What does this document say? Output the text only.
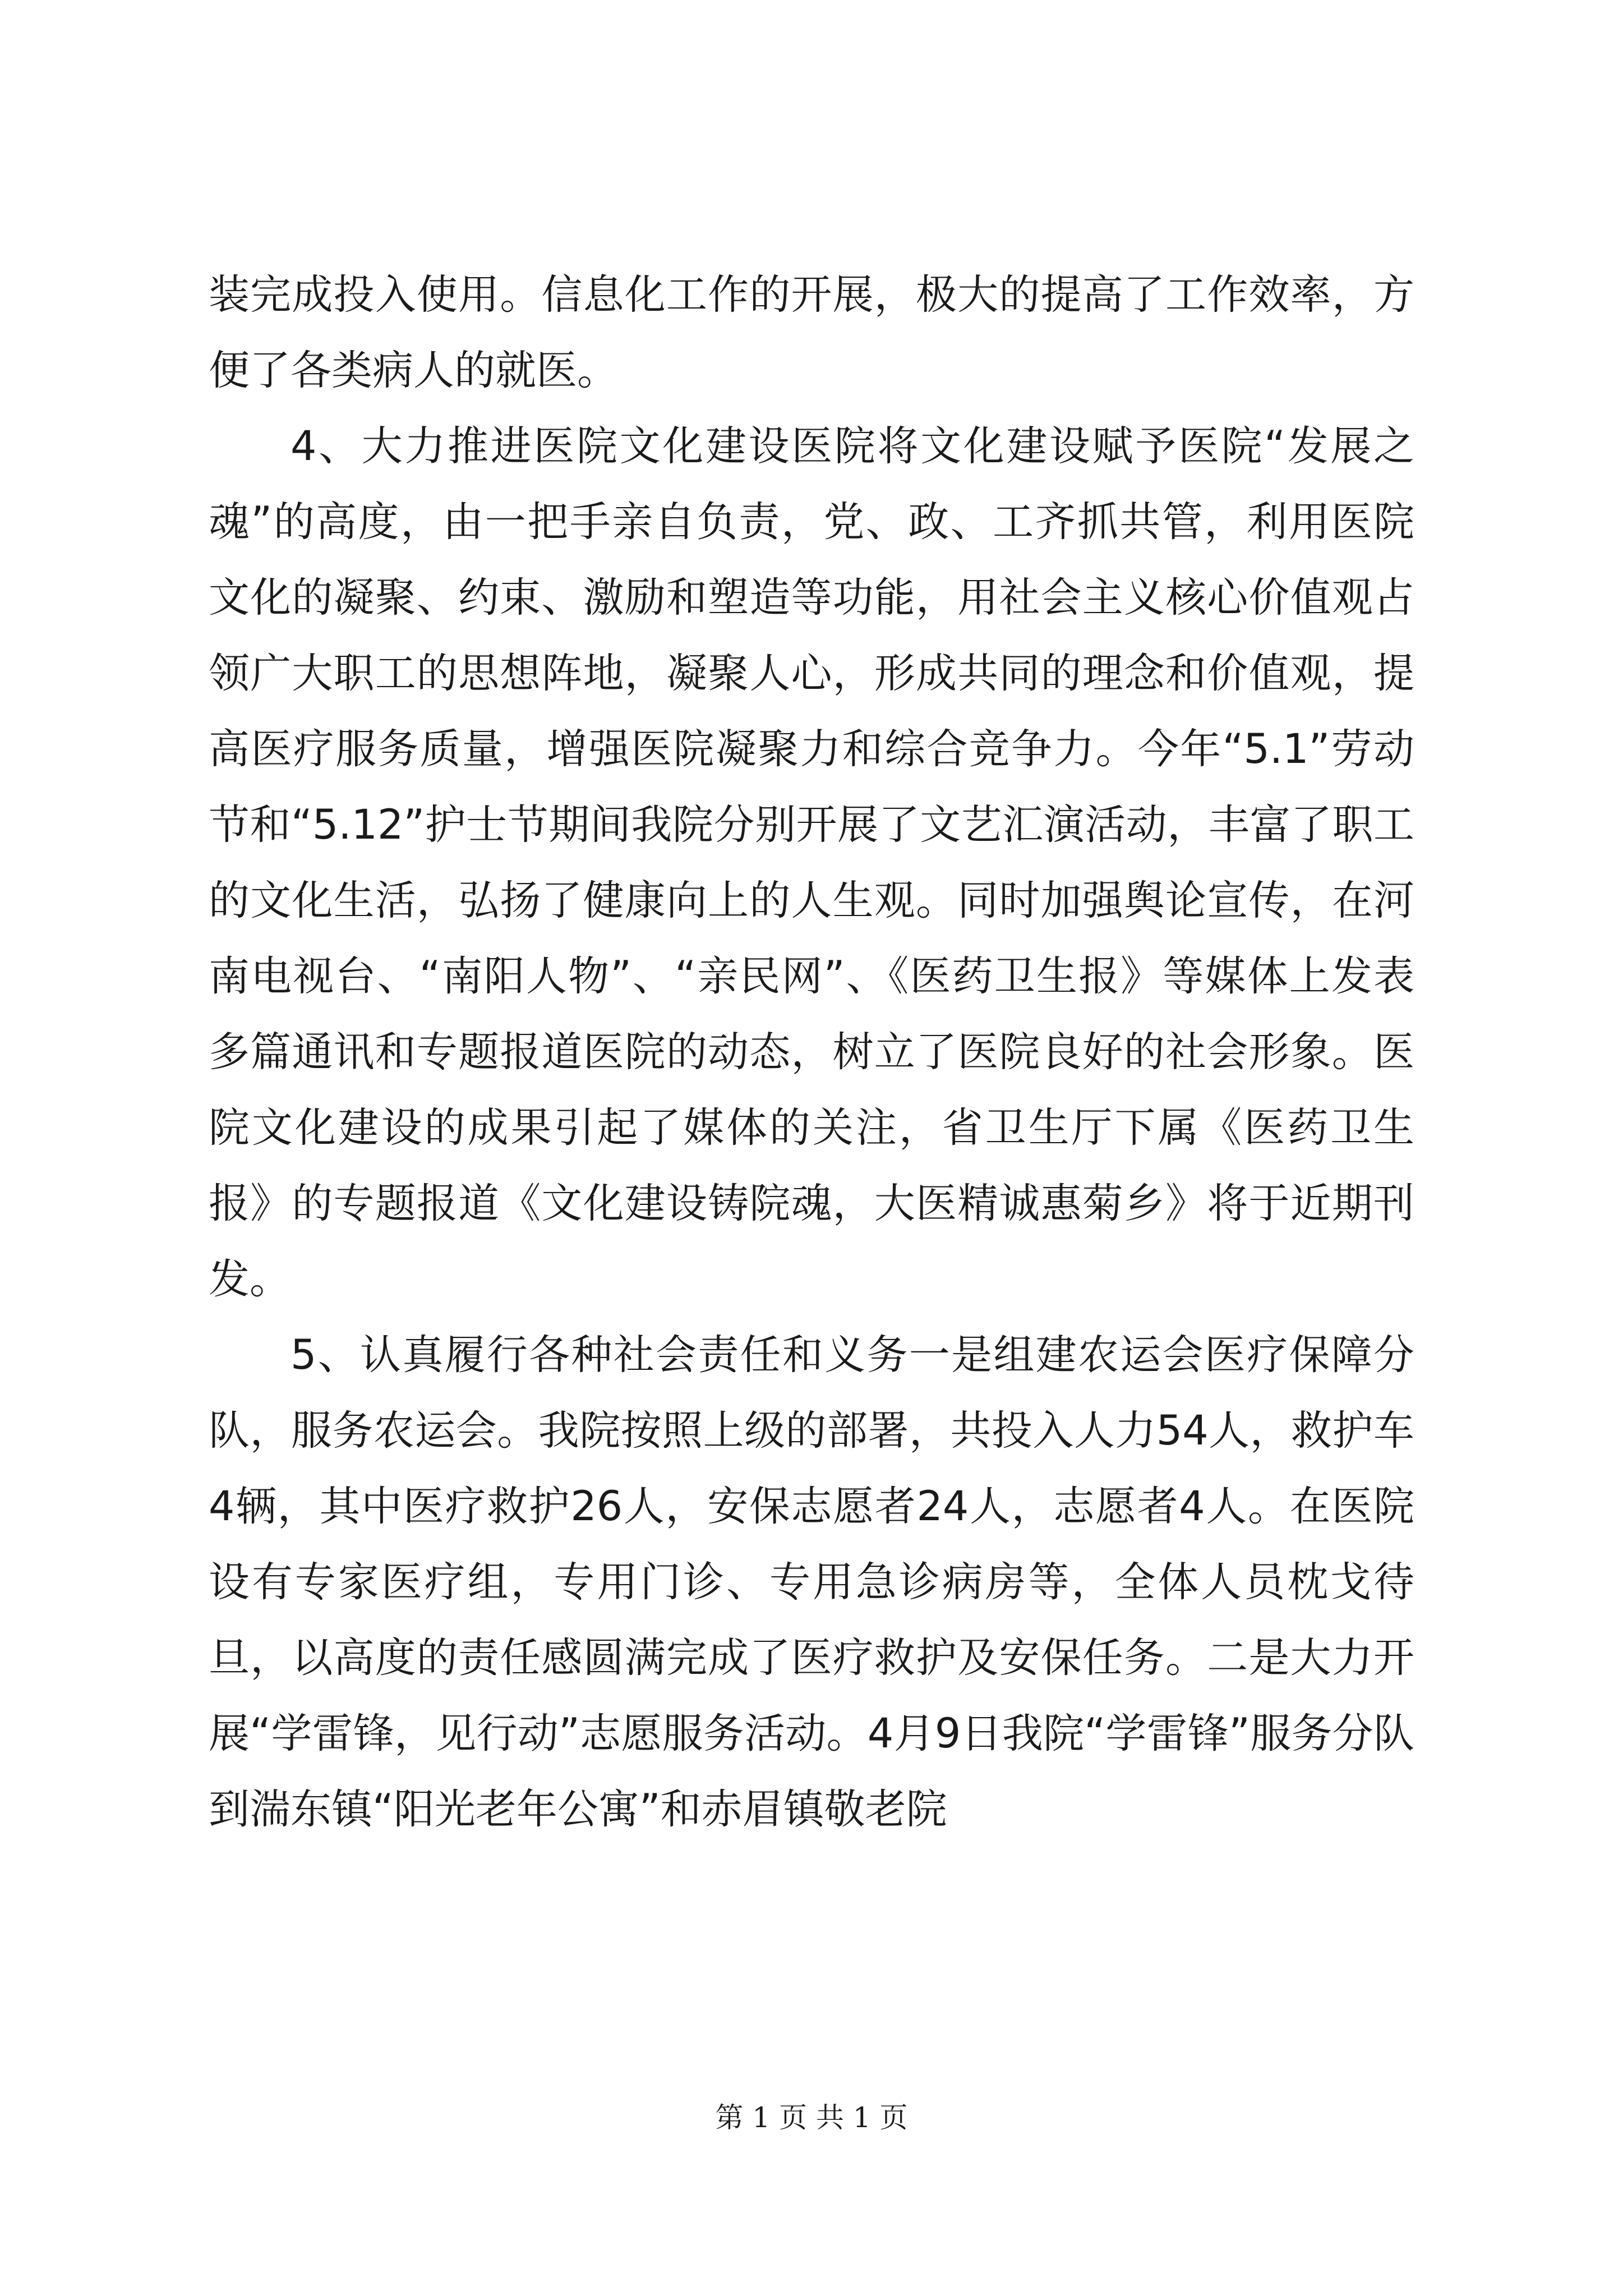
装完成投入使用。信息化工作的开展，极大的提高了工作效率，方便了各类病人的就医。

4、大力推进医院文化建设医院将文化建设赋予医院“发展之魂”的高度，由一把手亲自负责，党、政、工齐抓共管，利用医院文化的凝聚、约束、激励和塑造等功能，用社会主义核心价值观占领广大职工的思想阵地，凝聚人心，形成共同的理念和价值观，提高医疗服务质量，增强医院凝聚力和综合竞争力。今年“5.1”劳动节和“5.12”护士节期间我院分别开展了文艺汇演活动，丰富了职工的文化生活，弘扬了健康向上的人生观。同时加强舆论宣传，在河南电视台、“南阳人物”、“亲民网”、《医药卫生报》等媒体上发表多篇通讯和专题报道医院的动态，树立了医院良好的社会形象。医院文化建设的成果引起了媒体的关注，省卫生厅下属《医药卫生报》的专题报道《文化建设铸院魂，大医精诚惠菊乡》将于近期刊发。

5、认真履行各种社会责任和义务一是组建农运会医疗保障分队，服务农运会。我院按照上级的部署，共投入人力54人，救护车4辆，其中医疗救护26人，安保志愿者24人，志愿者4人。在医院设有专家医疗组，专用门诊、专用急诊病房等，全体人员枕戈待旦，以高度的责任感圆满完成了医疗救护及安保任务。二是大力开展“学雷锋，见行动”志愿服务活动。4月9日我院“学雷锋”服务分队到湍东镇“阳光老年公寓”和赤眉镇敬老院

第 1 页 共 1 页
